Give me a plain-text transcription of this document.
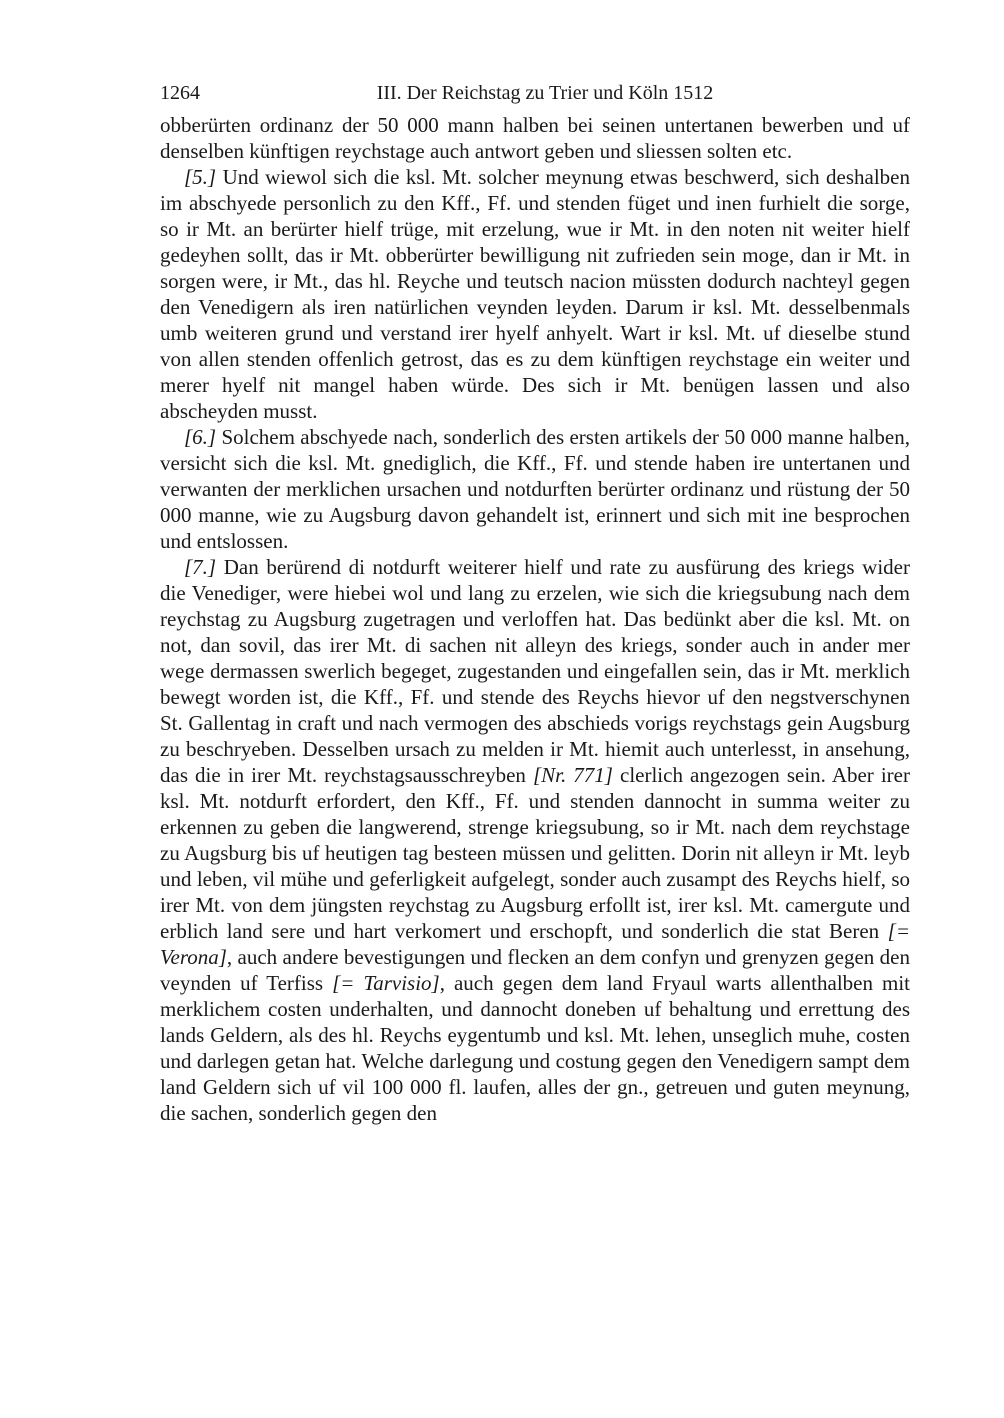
1264	III. Der Reichstag zu Trier und Köln 1512

obberürten ordinanz der 50 000 mann halben bei seinen untertanen bewerben und uf denselben künftigen reychstage auch antwort geben und sliessen solten etc.

[5.] Und wiewol sich die ksl. Mt. solcher meynung etwas beschwerd, sich deshalben im abschyede personlich zu den Kff., Ff. und stenden füget und inen furhielt die sorge, so ir Mt. an berürter hielf trüge, mit erzelung, wue ir Mt. in den noten nit weiter hielf gedeyhen sollt, das ir Mt. obberürter bewilligung nit zufrieden sein moge, dan ir Mt. in sorgen were, ir Mt., das hl. Reyche und teutsch nacion müssten dodurch nachteyl gegen den Venedigern als iren natürlichen veynden leyden. Darum ir ksl. Mt. desselbenmals umb weiteren grund und verstand irer hyelf anhyelt. Wart ir ksl. Mt. uf dieselbe stund von allen stenden offenlich getrost, das es zu dem künftigen reychstage ein weiter und merer hyelf nit mangel haben würde. Des sich ir Mt. benügen lassen und also abscheyden musst.

[6.] Solchem abschyede nach, sonderlich des ersten artikels der 50 000 manne halben, versicht sich die ksl. Mt. gnediglich, die Kff., Ff. und stende haben ire untertanen und verwanten der merklichen ursachen und notdurften berürter ordinanz und rüstung der 50 000 manne, wie zu Augsburg davon gehandelt ist, erinnert und sich mit ine besprochen und entslossen.

[7.] Dan berürend di notdurft weiterer hielf und rate zu ausfürung des kriegs wider die Venediger, were hiebei wol und lang zu erzelen, wie sich die kriegsubung nach dem reychstag zu Augsburg zugetragen und verloffen hat. Das bedünkt aber die ksl. Mt. on not, dan sovil, das irer Mt. di sachen nit alleyn des kriegs, sonder auch in ander mer wege dermassen swerlich begeget, zugestanden und eingefallen sein, das ir Mt. merklich bewegt worden ist, die Kff., Ff. und stende des Reychs hievor uf den negstverschynen St. Gallentag in craft und nach vermogen des abschieds vorigs reychstags gein Augsburg zu beschryeben. Desselben ursach zu melden ir Mt. hiemit auch unterlesst, in ansehung, das die in irer Mt. reychstagsausschreyben [Nr. 771] clerlich angezogen sein. Aber irer ksl. Mt. notdurft erfordert, den Kff., Ff. und stenden dannocht in summa weiter zu erkennen zu geben die langwerend, strenge kriegsubung, so ir Mt. nach dem reychstage zu Augsburg bis uf heutigen tag besteen müssen und gelitten. Dorin nit alleyn ir Mt. leyb und leben, vil mühe und geferligkeit aufgelegt, sonder auch zusampt des Reychs hielf, so irer Mt. von dem jüngsten reychstag zu Augsburg erfollt ist, irer ksl. Mt. camergute und erblich land sere und hart verkomert und erschopft, und sonderlich die stat Beren [= Verona], auch andere bevestigungen und flecken an dem confyn und grenyzen gegen den veynden uf Terfiss [= Tarvisio], auch gegen dem land Fryaul warts allenthalben mit merklichem costen underhalten, und dannocht doneben uf behaltung und errettung des lands Geldern, als des hl. Reychs eygentumb und ksl. Mt. lehen, unseglich muhe, costen und darlegen getan hat. Welche darlegung und costung gegen den Venedigern sampt dem land Geldern sich uf vil 100 000 fl. laufen, alles der gn., getreuen und guten meynung, die sachen, sonderlich gegen den
